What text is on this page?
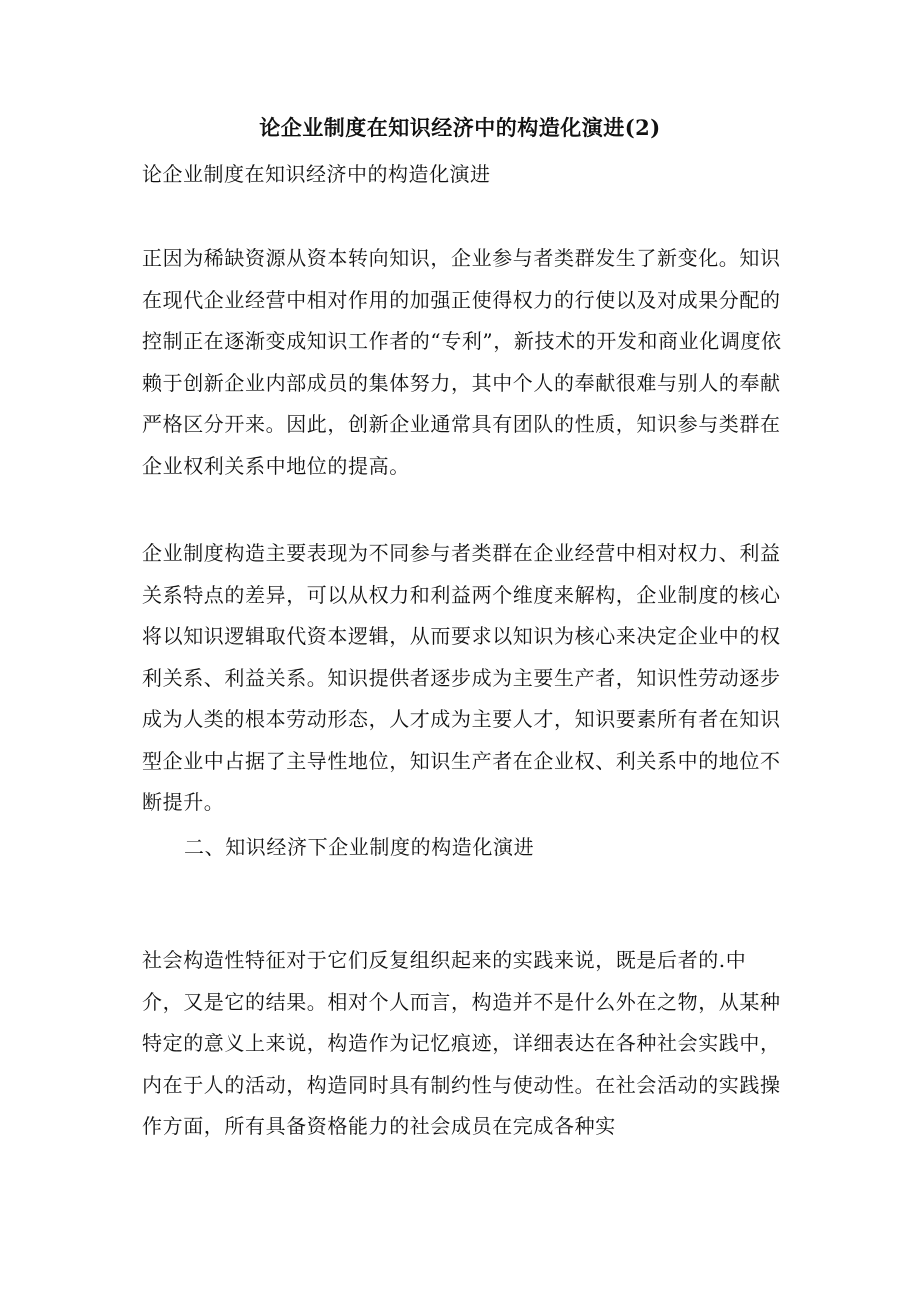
论企业制度在知识经济中的构造化演进(2)
论企业制度在知识经济中的构造化演进

正因为稀缺资源从资本转向知识，企业参与者类群发生了新变化。知识在现代企业经营中相对作用的加强正使得权力的行使以及对成果分配的控制正在逐渐变成知识工作者的“专利”，新技术的开发和商业化调度依赖于创新企业内部成员的集体努力，其中个人的奉献很难与别人的奉献严格区分开来。因此，创新企业通常具有团队的性质，知识参与类群在企业权利关系中地位的提高。

企业制度构造主要表现为不同参与者类群在企业经营中相对权力、利益关系特点的差异，可以从权力和利益两个维度来解构，企业制度的核心将以知识逻辑取代资本逻辑，从而要求以知识为核心来决定企业中的权利关系、利益关系。知识提供者逐步成为主要生产者，知识性劳动逐步成为人类的根本劳动形态，人才成为主要人才，知识要素所有者在知识型企业中占据了主导性地位，知识生产者在企业权、利关系中的地位不断提升。

二、知识经济下企业制度的构造化演进

社会构造性特征对于它们反复组织起来的实践来说，既是后者的.中介，又是它的结果。相对个人而言，构造并不是什么外在之物，从某种特定的意义上来说，构造作为记忆痕迹，详细表达在各种社会实践中，内在于人的活动，构造同时具有制约性与使动性。在社会活动的实践操作方面，所有具备资格能力的社会成员在完成各种实
